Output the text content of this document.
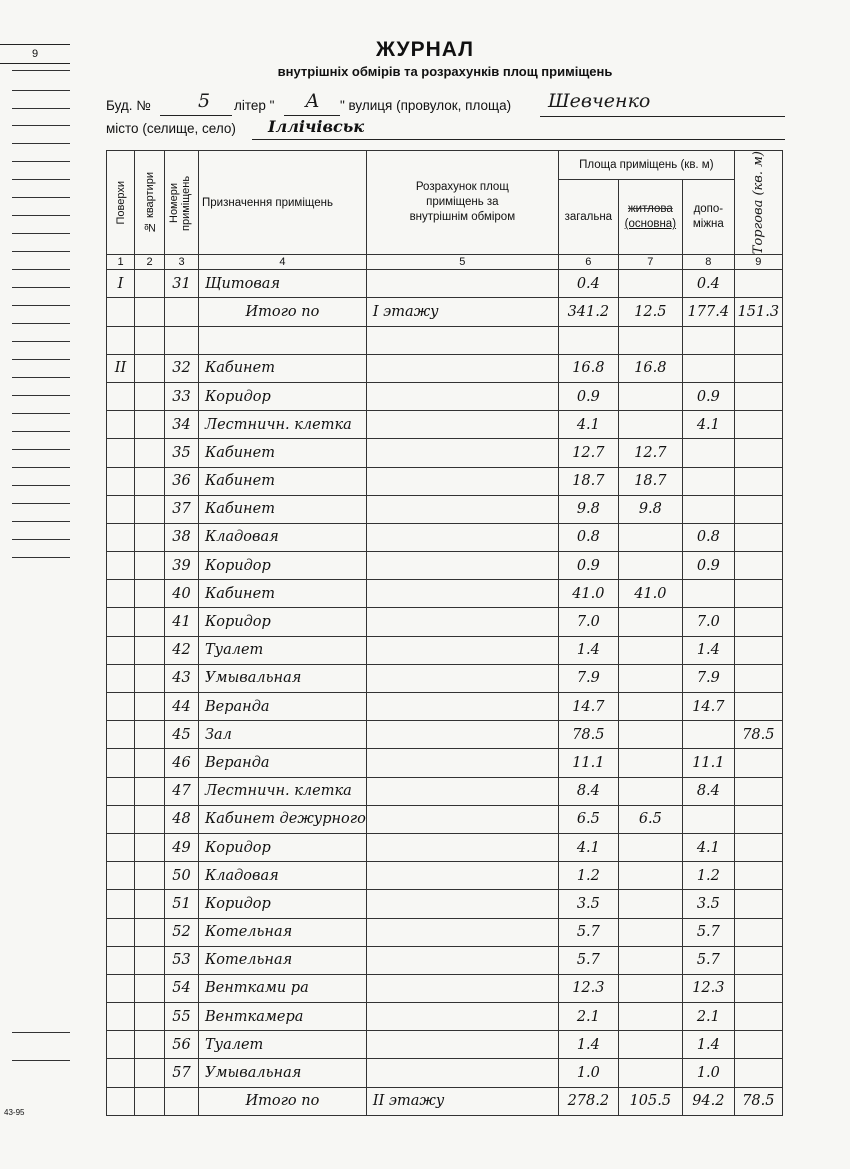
9
43-95
ЖУРНАЛ
внутрішніх обмірів та розрахунків площ приміщень
Буд. №	5	літер "	А	" вулиця (провулок, площа) Шевченко
місто (селище, село) Іллічівськ
Поверхи	№ квартири	Номери приміщень	Призначення приміщень	Розрахунок площ приміщень за внутрішнім обміром	Площа приміщень (кв. м)			Торгова (кв. м)

					загальна	житлова
(основна)	допо-міжна	
1	2	3	4	5	6	7	8	9
I		31	Щитовая		0.4		0.4	
			Итого по	I этажу	341.2	12.5	177.4	151.3

II		32	Кабинет		16.8	16.8		
		33	Коридор		0.9		0.9	
		34	Лестничн. клетка		4.1		4.1	
		35	Кабинет		12.7	12.7		
		36	Кабинет		18.7	18.7		
		37	Кабинет		9.8	9.8		
		38	Кладовая		0.8		0.8	
		39	Коридор		0.9		0.9	
		40	Кабинет		41.0	41.0		
		41	Коридор		7.0		7.0	
		42	Туалет		1.4		1.4	
		43	Умывальная		7.9		7.9	
		44	Веранда		14.7		14.7	
		45	Зал		78.5			78.5
		46	Веранда		11.1		11.1	
		47	Лестничн. клетка		8.4		8.4	
		48	Кабинет дежурного		6.5	6.5		
		49	Коридор		4.1		4.1	
		50	Кладовая		1.2		1.2	
		51	Коридор		3.5		3.5	
		52	Котельная		5.7		5.7	
		53	Котельная		5.7		5.7	
		54	Вентками ра		12.3		12.3	
		55	Венткамера		2.1		2.1	
		56	Туалет		1.4		1.4	
		57	Умывальная		1.0		1.0	
			Итого по	II этажу	278.2	105.5	94.2	78.5
